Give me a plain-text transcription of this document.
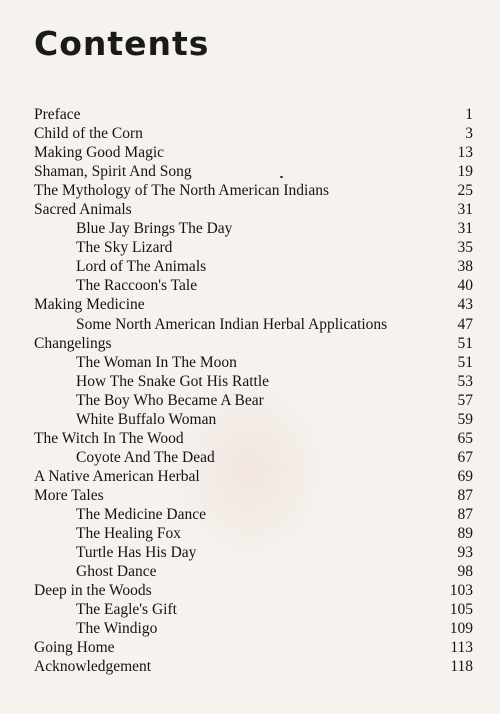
Contents
Preface	1
Child of the Corn	3
Making Good Magic	13
Shaman, Spirit And Song	19
The Mythology of The North American Indians	25
Sacred Animals	31
Blue Jay Brings The Day	31
The Sky Lizard	35
Lord of The Animals	38
The Raccoon's Tale	40
Making Medicine	43
Some North American Indian Herbal Applications	47
Changelings	51
The Woman In The Moon	51
How The Snake Got His Rattle	53
The Boy Who Became A Bear	57
White Buffalo Woman	59
The Witch In The Wood	65
Coyote And The Dead	67
A Native American Herbal	69
More Tales	87
The Medicine Dance	87
The Healing Fox	89
Turtle Has His Day	93
Ghost Dance	98
Deep in the Woods	103
The Eagle's Gift	105
The Windigo	109
Going Home	113
Acknowledgement	118
